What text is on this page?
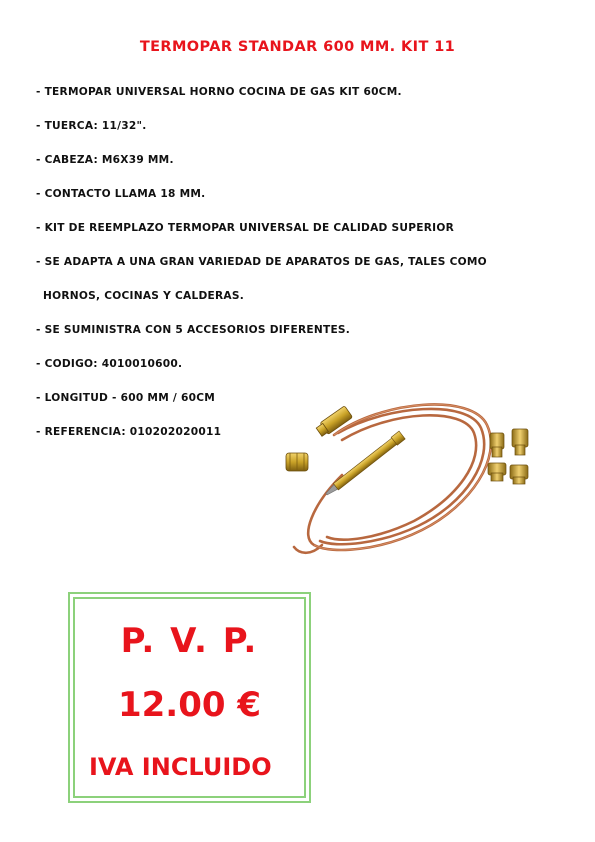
TERMOPAR STANDAR 600 MM. KIT 11
- TERMOPAR UNIVERSAL HORNO COCINA DE GAS KIT 60CM.
- TUERCA: 11/32".
- CABEZA: M6X39 MM.
- CONTACTO LLAMA 18 MM.
- KIT DE REEMPLAZO TERMOPAR UNIVERSAL DE CALIDAD SUPERIOR
- SE ADAPTA A UNA GRAN VARIEDAD DE APARATOS DE GAS, TALES COMO
HORNOS, COCINAS Y CALDERAS.
- SE SUMINISTRA CON 5 ACCESORIOS DIFERENTES.
- CODIGO: 4010010600.
- LONGITUD - 600 MM / 60CM
- REFERENCIA: 010202020011
P. V. P.
12.00 €
IVA INCLUIDO
